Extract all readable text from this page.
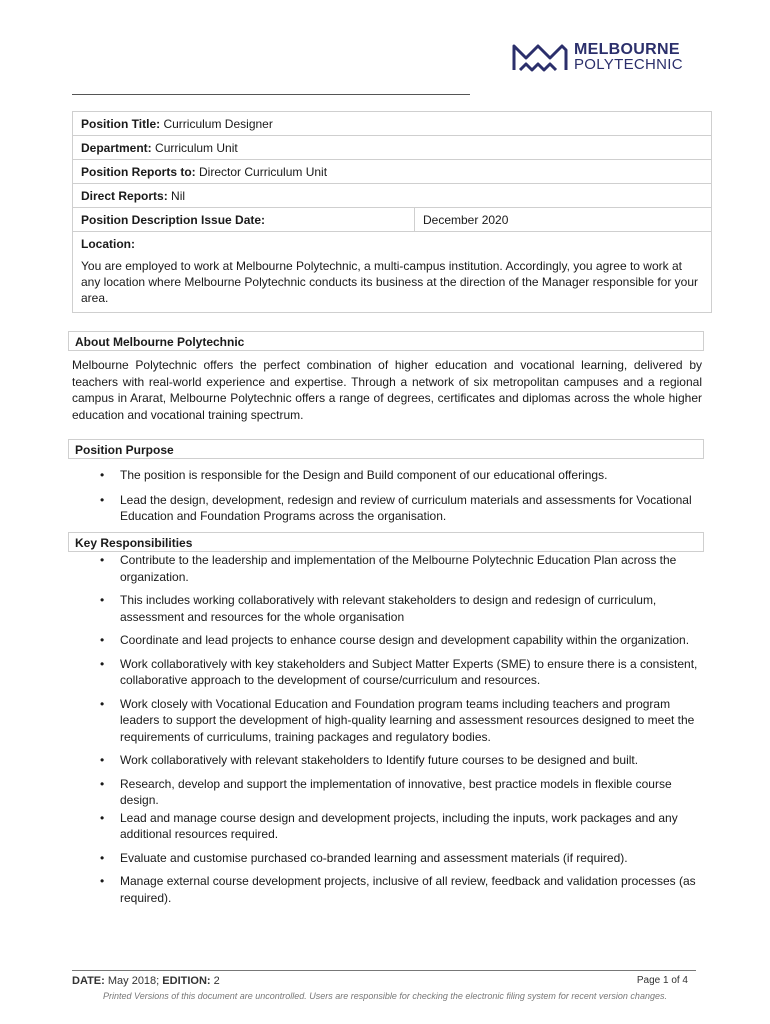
MELBOURNE
POLYTECHNIC
Position Title: Curriculum Designer
Department: Curriculum Unit
Position Reports to: Director Curriculum Unit
Direct Reports: Nil
Position Description Issue Date:	December 2020
Location:
You are employed to work at Melbourne Polytechnic, a multi-campus institution. Accordingly, you agree to work at any location where Melbourne Polytechnic conducts its business at the direction of the Manager responsible for your area.
About Melbourne Polytechnic
Melbourne Polytechnic offers the perfect combination of higher education and vocational learning, delivered by teachers with real-world experience and expertise. Through a network of six metropolitan campuses and a regional campus in Ararat, Melbourne Polytechnic offers a range of degrees, certificates and diplomas across the whole higher education and vocational training spectrum.
Position Purpose
• The position is responsible for the Design and Build component of our educational offerings.
• Lead the design, development, redesign and review of curriculum materials and assessments for Vocational Education and Foundation Programs across the organisation.
Key Responsibilities
• Contribute to the leadership and implementation of the Melbourne Polytechnic Education Plan across the organization.
• This includes working collaboratively with relevant stakeholders to design and redesign of curriculum, assessment and resources for the whole organisation
• Coordinate and lead projects to enhance course design and development capability within the organization.
• Work collaboratively with key stakeholders and Subject Matter Experts (SME) to ensure there is a consistent, collaborative approach to the development of course/curriculum and resources.
• Work closely with Vocational Education and Foundation program teams including teachers and program leaders to support the development of high-quality learning and assessment resources designed to meet the requirements of curriculums, training packages and regulatory bodies.
• Work collaboratively with relevant stakeholders to Identify future courses to be designed and built.
• Research, develop and support the implementation of innovative, best practice models in flexible course design.
• Lead and manage course design and development projects, including the inputs, work packages and any additional resources required.
• Evaluate and customise purchased co-branded learning and assessment materials (if required).
• Manage external course development projects, inclusive of all review, feedback and validation processes (as required).
DATE: May 2018; EDITION: 2	Page 1 of 4
Printed Versions of this document are uncontrolled. Users are responsible for checking the electronic filing system for recent version changes.
